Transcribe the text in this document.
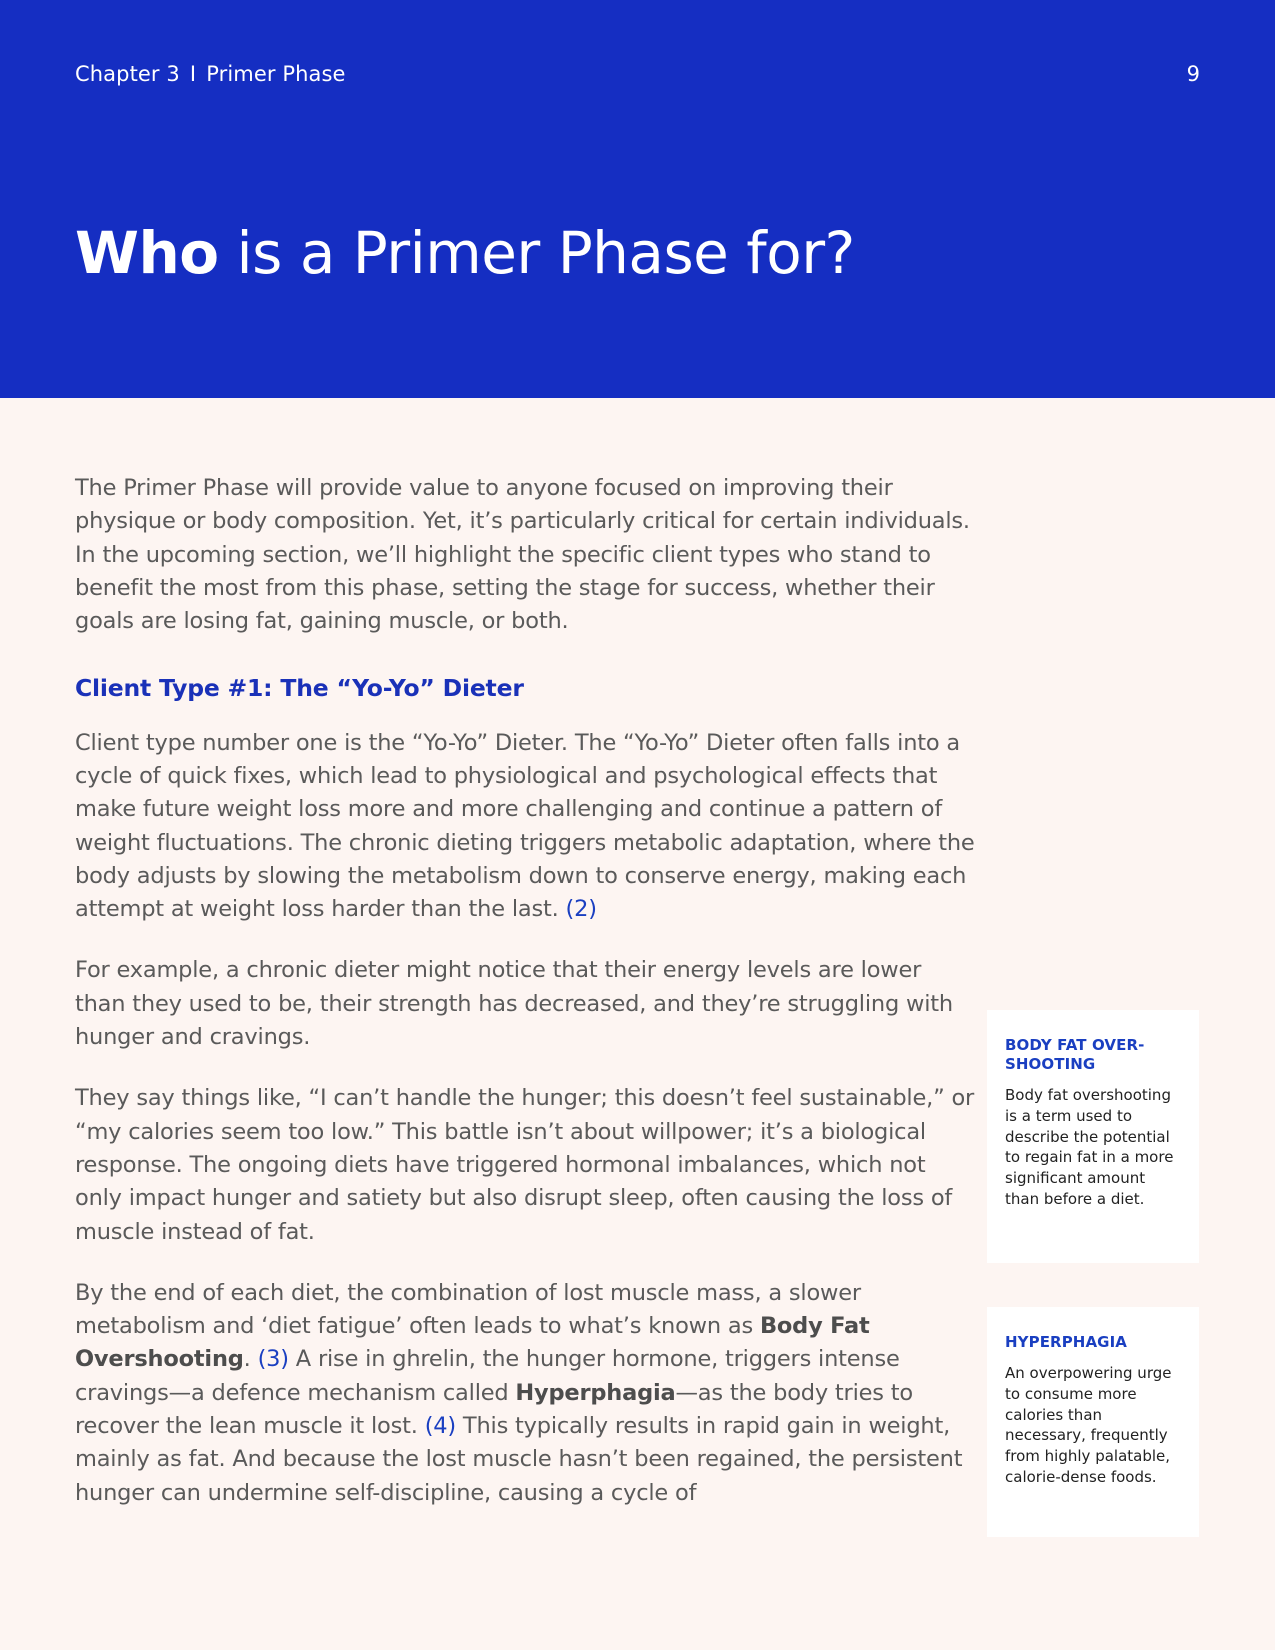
Chapter 3 I Primer Phase	9
Who is a Primer Phase for?

The Primer Phase will provide value to anyone focused on improving their physique or body composition. Yet, it’s particularly critical for certain individuals. In the upcoming section, we’ll highlight the specific client types who stand to benefit the most from this phase, setting the stage for success, whether their goals are losing fat, gaining muscle, or both.

Client Type #1: The “Yo-Yo” Dieter

Client type number one is the “Yo-Yo” Dieter. The “Yo-Yo” Dieter often falls into a cycle of quick fixes, which lead to physiological and psychological effects that make future weight loss more and more challenging and continue a pattern of weight fluctuations. The chronic dieting triggers metabolic adaptation, where the body adjusts by slowing the metabolism down to conserve energy, making each attempt at weight loss harder than the last. (2)

For example, a chronic dieter might notice that their energy levels are lower than they used to be, their strength has decreased, and they’re struggling with hunger and cravings.

They say things like, “I can’t handle the hunger; this doesn’t feel sustainable,” or “my calories seem too low.” This battle isn’t about willpower; it’s a biological response. The ongoing diets have triggered hormonal imbalances, which not only impact hunger and satiety but also disrupt sleep, often causing the loss of muscle instead of fat.

By the end of each diet, the combination of lost muscle mass, a slower metabolism and ‘diet fatigue’ often leads to what’s known as Body Fat Overshooting. (3) A rise in ghrelin, the hunger hormone, triggers intense cravings—a defence mechanism called Hyperphagia—as the body tries to recover the lean muscle it lost. (4) This typically results in rapid gain in weight, mainly as fat. And because the lost muscle hasn’t been regained, the persistent hunger can undermine self-discipline, causing a cycle of

BODY FAT OVER-SHOOTING
Body fat overshooting is a term used to describe the potential to regain fat in a more significant amount than before a diet.
HYPERPHAGIA
An overpowering urge to consume more calories than necessary, frequently from highly palatable, calorie-dense foods.
